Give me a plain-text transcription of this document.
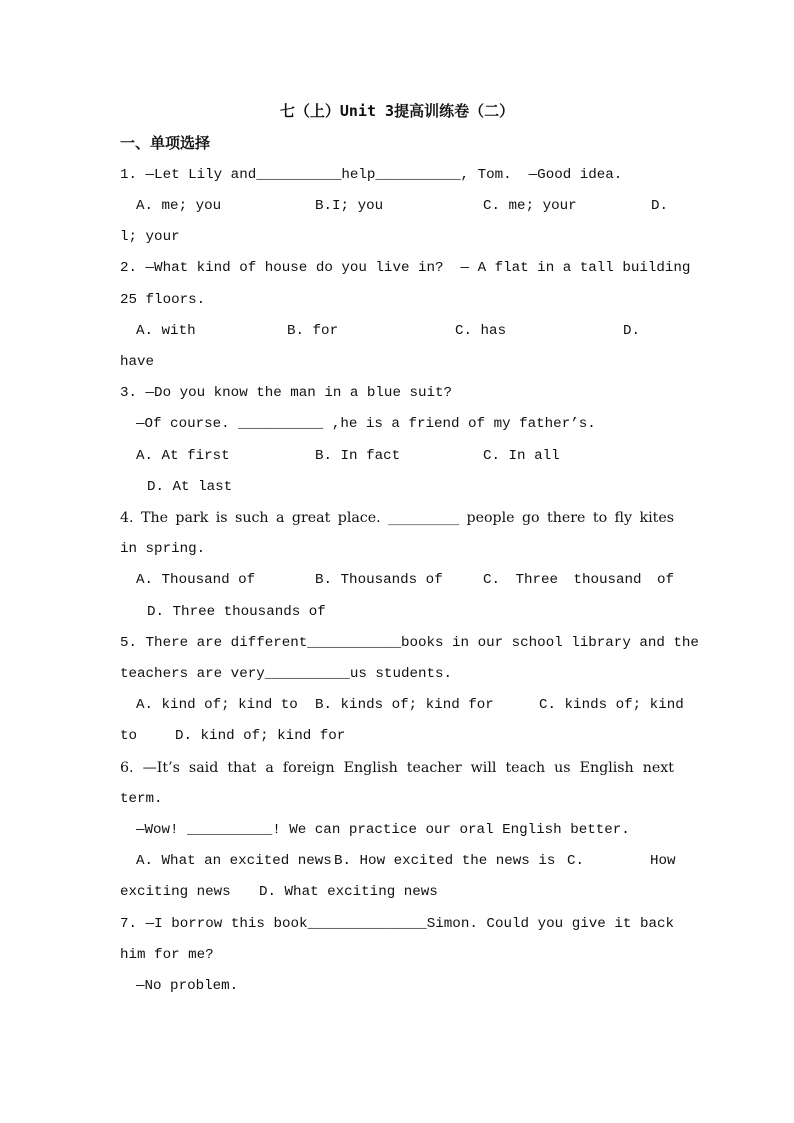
七（上）Unit 3提高训练卷（二）
一、单项选择
1. —Let Lily and__________help__________, Tom.  —Good idea.
A. me; you	B.I; you	C. me; your	D.
l; your
2. —What kind of house do you live in?  — A flat in a tall building
25 floors.
A. with	B. for	C. has	D.
have
3. —Do you know the man in a blue suit?
—Of course. __________ ,he is a friend of my father’s.
A. At first	B. In fact	C. In all
D. At last
4. The park is such a great place. __________ people go there to fly kites
in spring.
A. Thousand of	B. Thousands of	C. Three thousand of
D. Three thousands of
5. There are different___________books in our school library and the
teachers are very__________us students.
A. kind of; kind to B. kinds of; kind for	C. kinds of; kind
to	D. kind of; kind for
6. —It’s said that a foreign English teacher will teach us English next
term.
—Wow! __________! We can practice our oral English better.
A. What an excited news B. How excited the news is C.	How
exciting news D. What exciting news
7. —I borrow this book______________Simon. Could you give it back
him for me?
—No problem.
